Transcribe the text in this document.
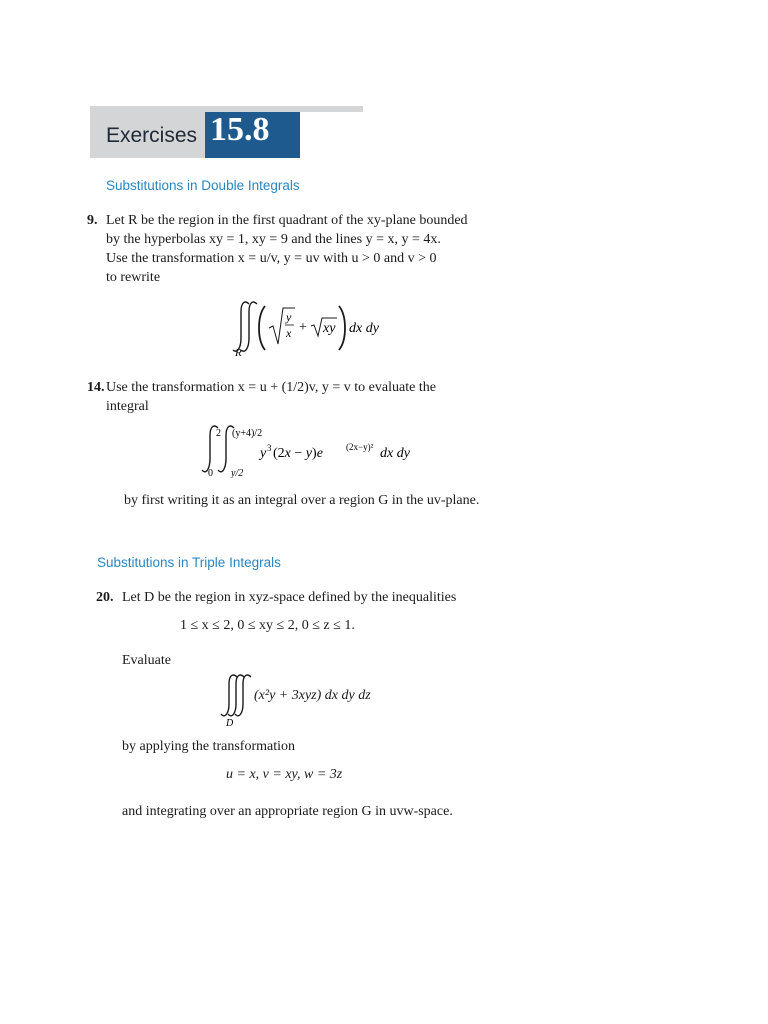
Exercises 15.8
Substitutions in Double Integrals
9. Let R be the region in the first quadrant of the xy-plane bounded
by the hyperbolas xy = 1, xy = 9 and the lines y = x, y = 4x.
Use the transformation x = u/v, y = uv with u > 0 and v > 0
to rewrite
y
x + xy dx dy
R
14. Use the transformation x = u + (1/2)v, y = v to evaluate the
integral
2
0
(y+4)/2
y/2
y 3 (2x − y)e	(2x−y)² dx dy
by first writing it as an integral over a region G in the uv-plane.
Substitutions in Triple Integrals
20. Let D be the region in xyz-space defined by the inequalities
1 ≤ x ≤ 2, 0 ≤ xy ≤ 2, 0 ≤ z ≤ 1.
Evaluate
D
(x²y + 3xyz) dx dy dz
by applying the transformation
u = x, v = xy, w = 3z
and integrating over an appropriate region G in uvw-space.
